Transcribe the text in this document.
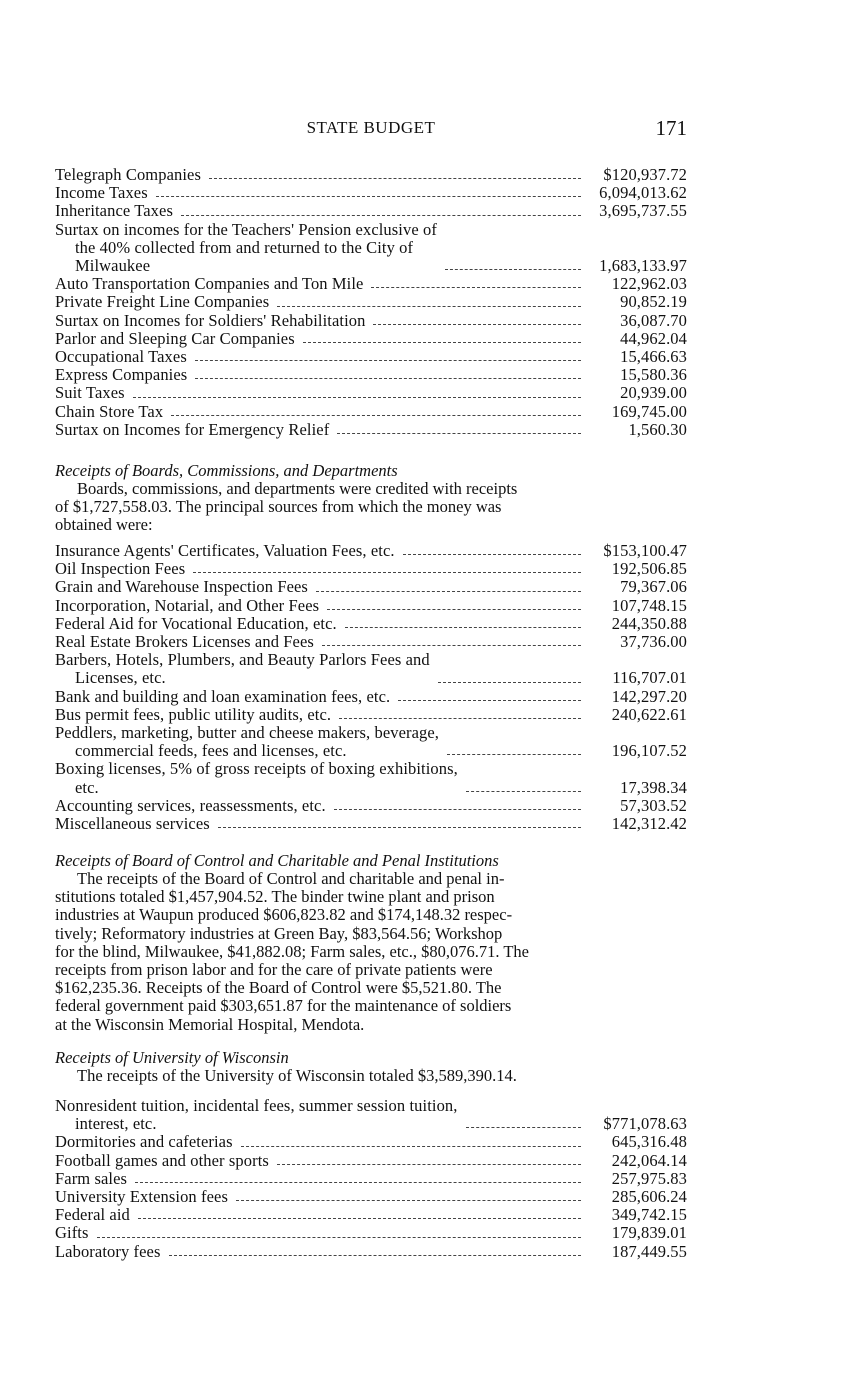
STATE BUDGET	171
Telegraph Companies	$120,937.72
Income Taxes	6,094,013.62
Inheritance Taxes	3,695,737.55
Surtax on incomes for the Teachers' Pension exclusive of
the 40% collected from and returned to the City of
Milwaukee	1,683,133.97
Auto Transportation Companies and Ton Mile	122,962.03
Private Freight Line Companies	90,852.19
Surtax on Incomes for Soldiers' Rehabilitation	36,087.70
Parlor and Sleeping Car Companies	44,962.04
Occupational Taxes	15,466.63
Express Companies	15,580.36
Suit Taxes	20,939.00
Chain Store Tax	169,745.00
Surtax on Incomes for Emergency Relief	1,560.30
Receipts of Boards, Commissions, and Departments

Boards, commissions, and departments were credited with receipts
of $1,727,558.03. The principal sources from which the money was
obtained were:

Insurance Agents' Certificates, Valuation Fees, etc.	$153,100.47
Oil Inspection Fees	192,506.85
Grain and Warehouse Inspection Fees	79,367.06
Incorporation, Notarial, and Other Fees	107,748.15
Federal Aid for Vocational Education, etc.	244,350.88
Real Estate Brokers Licenses and Fees	37,736.00
Barbers, Hotels, Plumbers, and Beauty Parlors Fees and
Licenses, etc.	116,707.01
Bank and building and loan examination fees, etc.	142,297.20
Bus permit fees, public utility audits, etc.	240,622.61
Peddlers, marketing, butter and cheese makers, beverage,
commercial feeds, fees and licenses, etc.	196,107.52
Boxing licenses, 5% of gross receipts of boxing exhibitions,
etc.	17,398.34
Accounting services, reassessments, etc.	57,303.52
Miscellaneous services	142,312.42
Receipts of Board of Control and Charitable and Penal Institutions

The receipts of the Board of Control and charitable and penal in-
stitutions totaled $1,457,904.52. The binder twine plant and prison
industries at Waupun produced $606,823.82 and $174,148.32 respec-
tively; Reformatory industries at Green Bay, $83,564.56; Workshop
for the blind, Milwaukee, $41,882.08; Farm sales, etc., $80,076.71. The
receipts from prison labor and for the care of private patients were
$162,235.36. Receipts of the Board of Control were $5,521.80. The
federal government paid $303,651.87 for the maintenance of soldiers
at the Wisconsin Memorial Hospital, Mendota.

Receipts of University of Wisconsin

The receipts of the University of Wisconsin totaled $3,589,390.14.

Nonresident tuition, incidental fees, summer session tuition,
interest, etc.	$771,078.63
Dormitories and cafeterias	645,316.48
Football games and other sports	242,064.14
Farm sales	257,975.83
University Extension fees	285,606.24
Federal aid	349,742.15
Gifts	179,839.01
Laboratory fees	187,449.55
